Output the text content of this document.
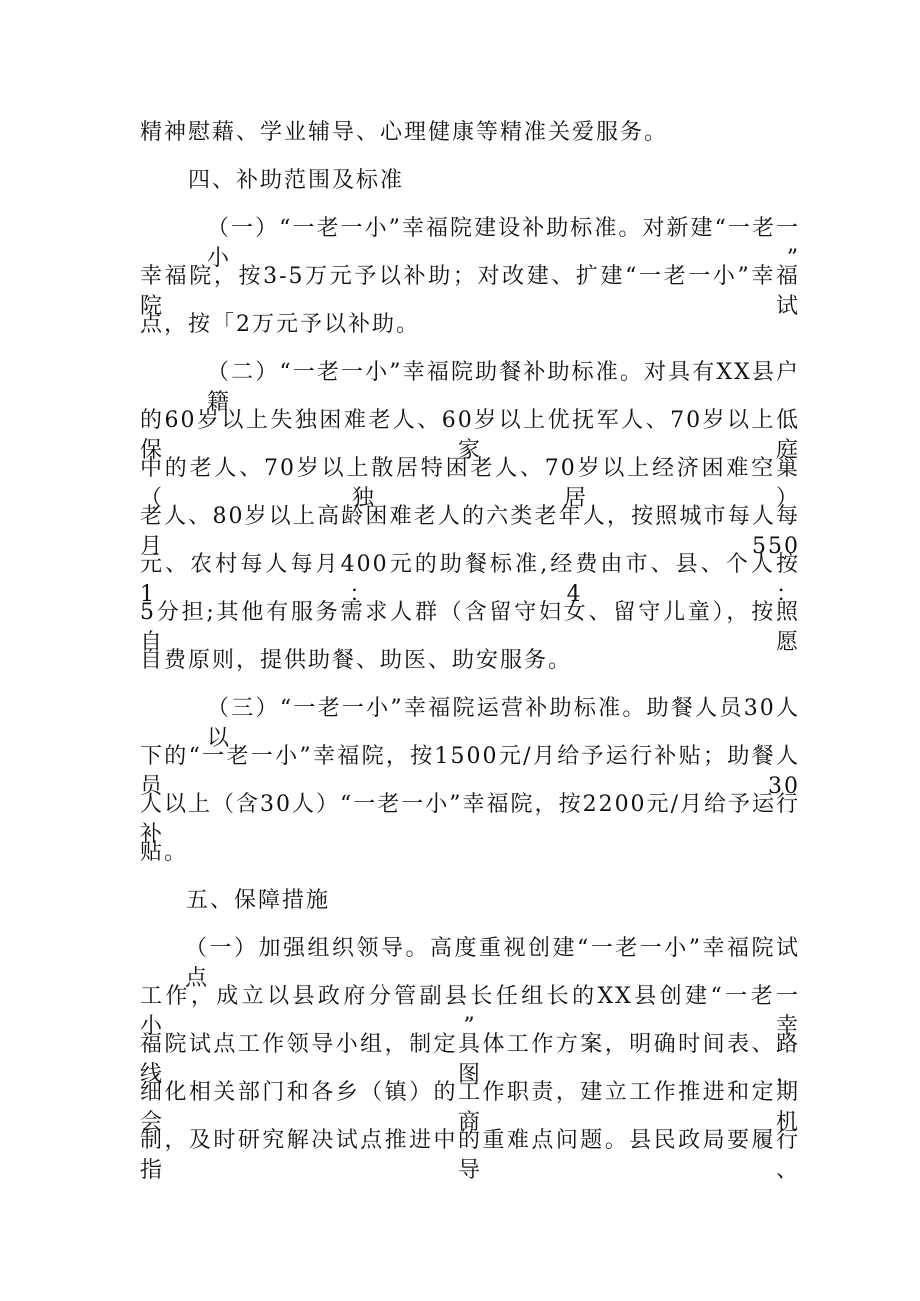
精神慰藉、学业辅导、心理健康等精准关爱服务。
四、补助范围及标准
（一）“一老一小”幸福院建设补助标准。对新建“一老一小”
幸福院，按3-5万元予以补助；对改建、扩建“一老一小”幸福院试
点，按「2万元予以补助。
（二）“一老一小”幸福院助餐补助标准。对具有XX县户籍
的60岁以上失独困难老人、60岁以上优抚军人、70岁以上低保家庭
中的老人、70岁以上散居特困老人、70岁以上经济困难空巢（独居）
老人、80岁以上高龄困难老人的六类老年人，按照城市每人每月550
元、农村每人每月400元的助餐标准,经费由市、县、个人按1：4：
5分担;其他有服务需求人群（含留守妇女、留守儿童），按照自愿
自费原则，提供助餐、助医、助安服务。
（三）“一老一小”幸福院运营补助标准。助餐人员30人以
下的“一老一小”幸福院，按1500元/月给予运行补贴；助餐人员30
人以上（含30人）“一老一小”幸福院，按2200元/月给予运行补
贴。
五、保障措施
（一）加强组织领导。高度重视创建“一老一小”幸福院试点
工作，成立以县政府分管副县长任组长的XX县创建“一老一小”幸
福院试点工作领导小组，制定具体工作方案，明确时间表、路线图，
细化相关部门和各乡（镇）的工作职责，建立工作推进和定期会商机
制，及时研究解决试点推进中的重难点问题。县民政局要履行指导、
